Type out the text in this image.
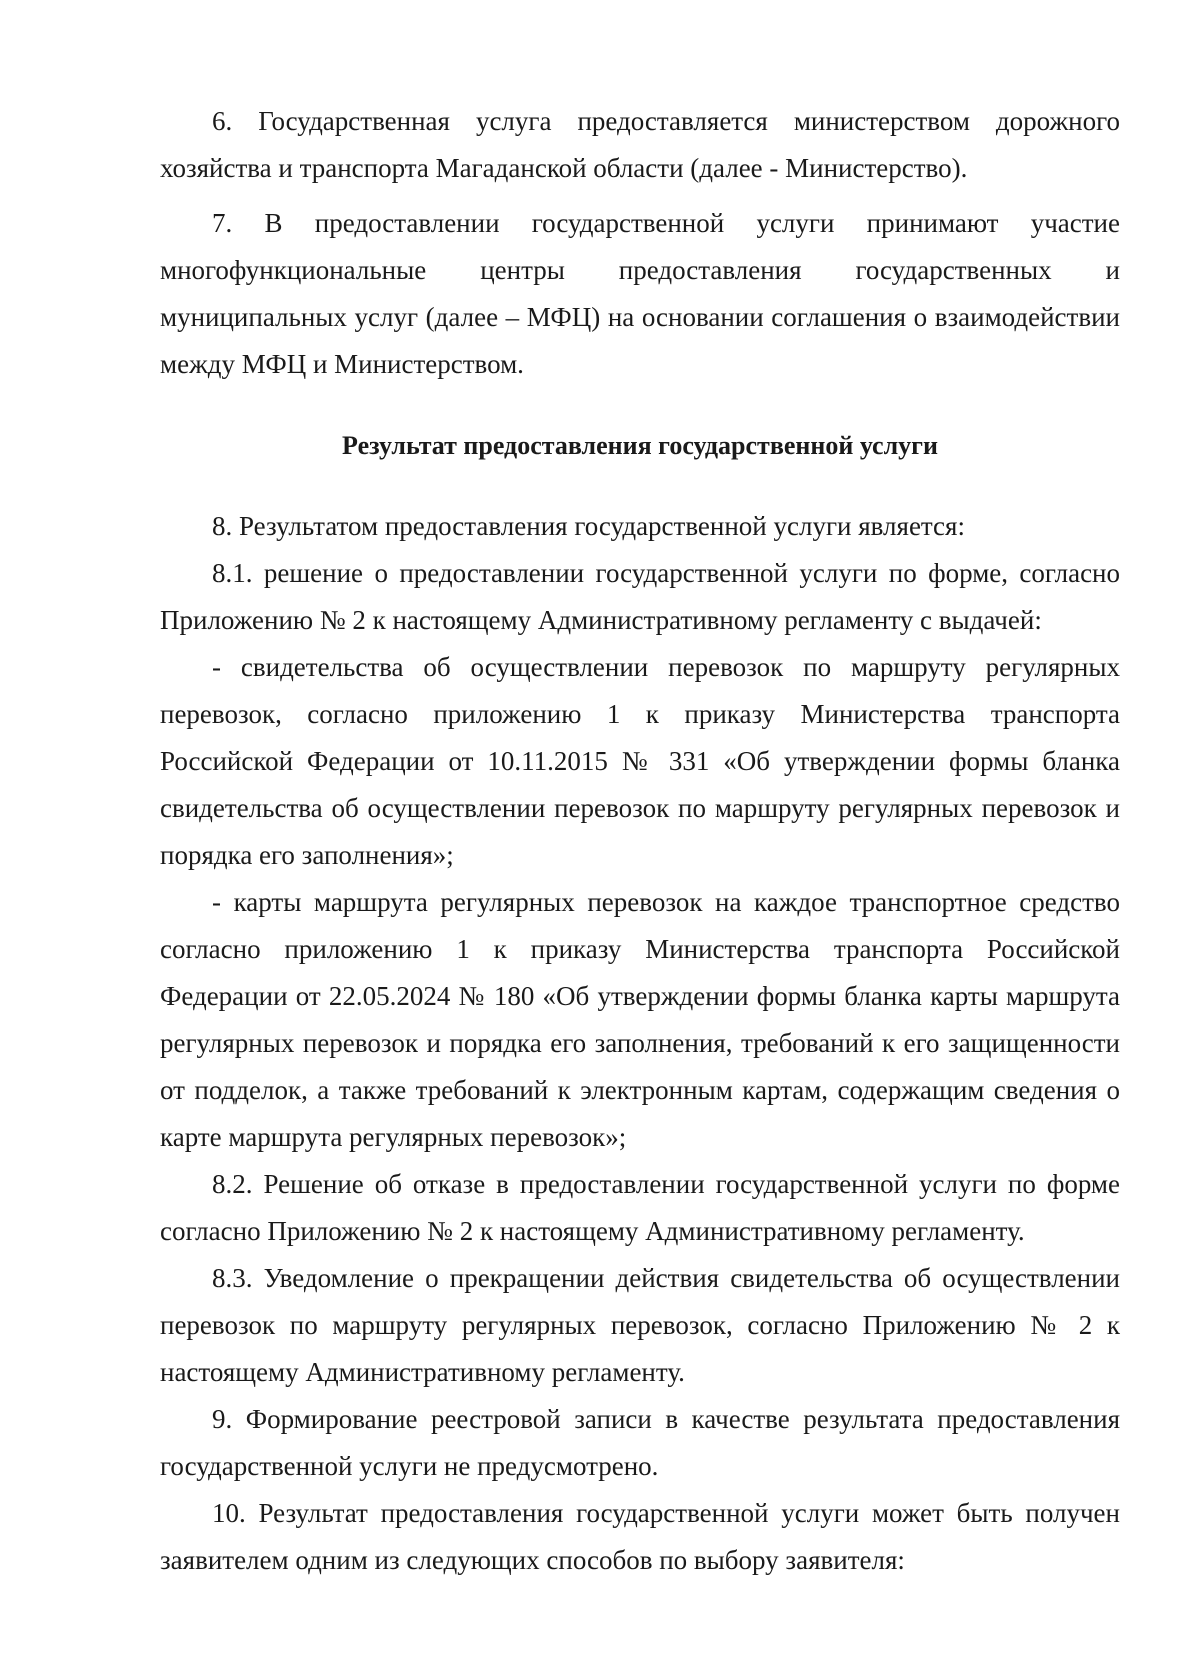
6. Государственная услуга предоставляется министерством дорожного хозяйства и транспорта Магаданской области (далее - Министерство).

7. В предоставлении государственной услуги принимают участие многофункциональные центры предоставления государственных и муниципальных услуг (далее – МФЦ) на основании соглашения о взаимодействии между МФЦ и Министерством.

Результат предоставления государственной услуги

8. Результатом предоставления государственной услуги является:

8.1. решение о предоставлении государственной услуги по форме, согласно Приложению № 2 к настоящему Административному регламенту с выдачей:

- свидетельства об осуществлении перевозок по маршруту регулярных перевозок, согласно приложению 1 к приказу Министерства транспорта Российской Федерации от 10.11.2015 № 331 «Об утверждении формы бланка свидетельства об осуществлении перевозок по маршруту регулярных перевозок и порядка его заполнения»;

- карты маршрута регулярных перевозок на каждое транспортное средство согласно приложению 1 к приказу Министерства транспорта Российской Федерации от 22.05.2024 № 180 «Об утверждении формы бланка карты маршрута регулярных перевозок и порядка его заполнения, требований к его защищенности от подделок, а также требований к электронным картам, содержащим сведения о карте маршрута регулярных перевозок»;

8.2. Решение об отказе в предоставлении государственной услуги по форме согласно Приложению № 2 к настоящему Административному регламенту.

8.3. Уведомление о прекращении действия свидетельства об осуществлении перевозок по маршруту регулярных перевозок, согласно Приложению № 2 к настоящему Административному регламенту.

9. Формирование реестровой записи в качестве результата предоставления государственной услуги не предусмотрено.

10. Результат предоставления государственной услуги может быть получен заявителем одним из следующих способов по выбору заявителя:
